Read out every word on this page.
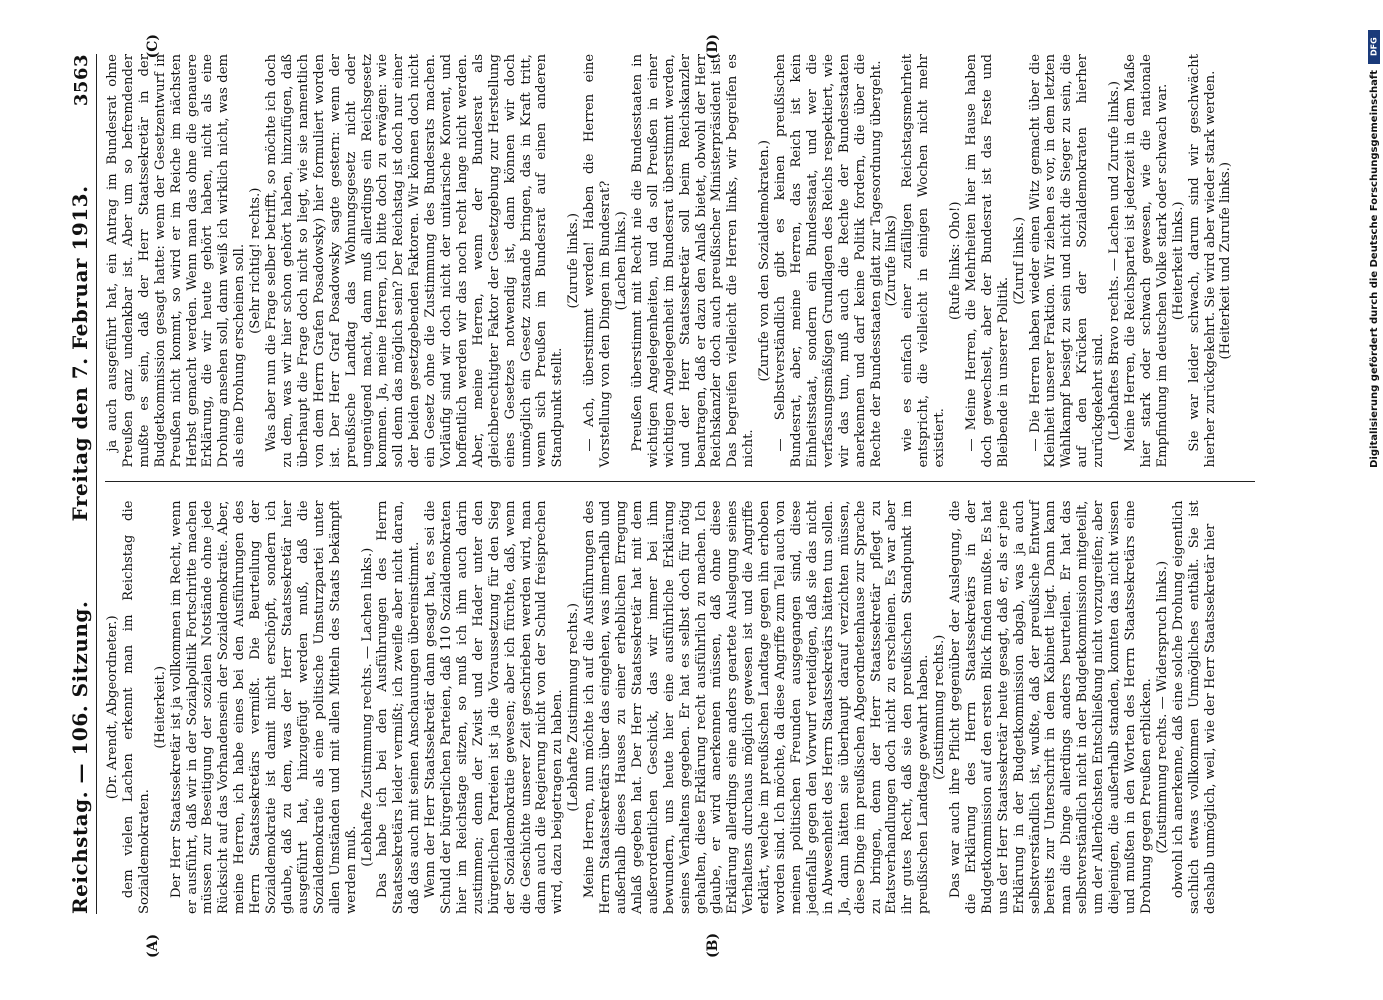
Reichstag. — 106. Sitzung.
Freitag den 7. Februar 1913.
3563
(A)	(B)

(Dr. Arendt, Abgeordneter.) dem vielen Lachen erkennt man im Reichstag die Sozialdemokraten.

(Heiterkeit.) Der Herr Staatssekretär ist ja vollkommen im Recht, wenn er ausführt, daß wir in der Sozialpolitik Fortschritte machen müssen zur Beseitigung der sozialen Notstände ohne jede Rücksicht auf das Vorhandensein der Sozialdemokratie. Aber, meine Herren, ich habe eines bei den Ausführungen des Herrn Staatssekretärs vermißt. Die Beurteilung der Sozialdemokratie ist damit nicht erschöpft, sondern ich glaube, daß zu dem, was der Herr Staatssekretär hier ausgeführt hat, hinzugefügt werden muß, daß die Sozialdemokratie als eine politische Umsturzpartei unter allen Umständen und mit allen Mitteln des Staats bekämpft werden muß.

(Lebhafte Zustimmung rechts. — Lachen links.) Das habe ich bei den Ausführungen des Herrn Staatssekretärs leider vermißt; ich zweifle aber nicht daran, daß das auch mit seinen Anschauungen übereinstimmt. Wenn der Herr Staatssekretär dann gesagt hat, es sei die Schuld der bürgerlichen Parteien, daß 110 Sozialdemokraten hier im Reichstage sitzen, so muß ich ihm auch darin zustimmen; denn der Zwist und der Hader unter den bürgerlichen Parteien ist ja die Voraussetzung für den Sieg der Sozialdemokratie gewesen; aber ich fürchte, daß, wenn die Geschichte unserer Zeit geschrieben werden wird, man dann auch die Regierung nicht von der Schuld freisprechen wird, dazu beigetragen zu haben. (Lebhafte Zustimmung rechts.) Meine Herren, nun möchte ich auf die Ausführungen des Herrn Staatssekretärs über das eingehen, was innerhalb und außerhalb dieses Hauses zu einer erheblichen Erregung Anlaß gegeben hat. Der Herr Staatssekretär hat mit dem außerordentlichen Geschick, das wir immer bei ihm bewundern, uns heute hier eine ausführliche Erklärung seines Verhaltens gegeben. Er hat es selbst doch für nötig gehalten, diese Erklärung recht ausführlich zu machen. Ich glaube, er wird anerkennen müssen, daß ohne diese Erklärung allerdings eine anders geartete Auslegung seines Verhaltens durchaus möglich gewesen ist und die Angriffe erklärt, welche im preußischen Landtage gegen ihn erhoben worden sind. Ich möchte, da diese Angriffe zum Teil auch von meinen politischen Freunden ausgegangen sind, diese jedenfalls gegen den Vorwurf verteidigen, daß sie das nicht in Abwesenheit des Herrn Staatssekretärs hätten tun sollen. Ja, dann hätten sie überhaupt darauf verzichten müssen, diese Dinge im preußischen Abgeordnetenhause zur Sprache zu bringen, denn der Herr Staatssekretär pflegt zu Etatsverhandlungen doch nicht zu erscheinen. Es war aber ihr gutes Recht, daß sie den preußischen Standpunkt im preußischen Landtage gewahrt haben. (Zustimmung rechts.) Das war auch ihre Pflicht gegenüber der Auslegung, die die Erklärung des Herrn Staatssekretärs in der Budgetkommission auf den ersten Blick finden mußte. Es hat uns der Herr Staatssekretär heute gesagt, daß er, als er jene Erklärung in der Budgetkommission abgab, was ja auch selbstverständlich ist, wußte, daß der preußische Entwurf bereits zur Unterschrift in dem Kabinett liegt. Dann kann man die Dinge allerdings anders beurteilen. Er hat das selbstverständlich nicht in der Budgetkommission mitgeteilt, um der Allerhöchsten Entschließung nicht vorzugreifen; aber diejenigen, die außerhalb standen, konnten das nicht wissen und mußten in den Worten des Herrn Staatssekretärs eine Drohung gegen Preußen erblicken. (Zustimmung rechts. — Widerspruch links.) obwohl ich anerkenne, daß eine solche Drohung eigentlich sachlich etwas vollkommen Unmögliches enthält. Sie ist deshalb unmöglich, weil, wie der Herr Staatssekretär hier

(C)	(D)

ja auch ausgeführt hat, ein Antrag im Bundesrat ohne Preußen ganz undenkbar ist. Aber um so befremdender mußte es sein, daß der Herr Staatssekretär in der Budgetkommission gesagt hatte: wenn der Gesetzentwurf in Preußen nicht kommt, so wird er im Reiche im nächsten Herbst gemacht werden. Wenn man das ohne die genauere Erklärung, die wir heute gehört haben, nicht als eine Drohung ansehen soll, dann weiß ich wirklich nicht, was dem als eine Drohung erscheinen soll. (Sehr richtig! rechts.) Was aber nun die Frage selber betrifft, so möchte ich doch zu dem, was wir hier schon gehört haben, hinzufügen, daß überhaupt die Frage doch nicht so liegt, wie sie namentlich von dem Herrn Grafen Posadowsky) hier formuliert worden ist. Der Herr Graf Posadowsky sagte gestern: wenn der preußische Landtag das Wohnungsgesetz nicht oder ungenügend macht, dann muß allerdings ein Reichsgesetz kommen. Ja, meine Herren, ich bitte doch zu erwägen: wie soll denn das möglich sein? Der Reichstag ist doch nur einer der beiden gesetzgebenden Faktoren. Wir können doch nicht ein Gesetz ohne die Zustimmung des Bundesrats machen. Vorläufig sind wir doch nicht der unitarische Konvent, und hoffentlich werden wir das noch recht lange nicht werden. Aber, meine Herren, wenn der Bundesrat als gleichberechtigter Faktor der Gesetzgebung zur Herstellung eines Gesetzes notwendig ist, dann können wir doch unmöglich ein Gesetz zustande bringen, das in Kraft tritt, wenn sich Preußen im Bundesrat auf einen anderen Standpunkt stellt.

(Zurufe links.) — Ach, überstimmt werden! Haben die Herren eine Vorstellung von den Dingen im Bundesrat? (Lachen links.) Preußen überstimmt mit Recht nie die Bundesstaaten in wichtigen Angelegenheiten, und da soll Preußen in einer wichtigen Angelegenheit im Bundesrat überstimmt werden, und der Herr Staatssekretär soll beim Reichskanzler beantragen, daß er dazu den Anlaß bietet, obwohl der Herr Reichskanzler doch auch preußischer Ministerpräsident ist. Das begreifen vielleicht die Herren links, wir begreifen es nicht.

(Zurufe von den Sozialdemokraten.) — Selbstverständlich gibt es keinen preußischen Bundesrat, aber, meine Herren, das Reich ist kein Einheitsstaat, sondern ein Bundesstaat, und wer die verfassungsmäßigen Grundlagen des Reichs respektiert, wie wir das tun, muß auch die Rechte der Bundesstaaten anerkennen und darf keine Politik fordern, die über die Rechte der Bundesstaaten glatt zur Tagesordnung übergeht. (Zurufe links) wie es einfach einer zufälligen Reichstagsmehrheit entspricht, die vielleicht in einigen Wochen nicht mehr existiert.

(Rufe links: Oho!) — Meine Herren, die Mehrheiten hier im Hause haben doch gewechselt, aber der Bundesrat ist das Feste und Bleibende in unserer Politik.

(Zuruf links.) — Die Herren haben wieder einen Witz gemacht über die Kleinheit unserer Fraktion. Wir ziehen es vor, in dem letzten Wahlkampf besiegt zu sein und nicht die Sieger zu sein, die auf den Krücken der Sozialdemokraten hierher zurückgekehrt sind. (Lebhaftes Bravo rechts. — Lachen und Zurufe links.) Meine Herren, die Reichspartei ist jederzeit in dem Maße hier stark oder schwach gewesen, wie die nationale Empfindung im deutschen Volke stark oder schwach war. (Heiterkeit links.) Sie war leider schwach, darum sind wir geschwächt hierher zurückgekehrt. Sie wird aber wieder stark werden. (Heiterkeit und Zurufe links.)

DFG
Digitalisierung gefördert durch die Deutsche Forschungsgemeinschaft
